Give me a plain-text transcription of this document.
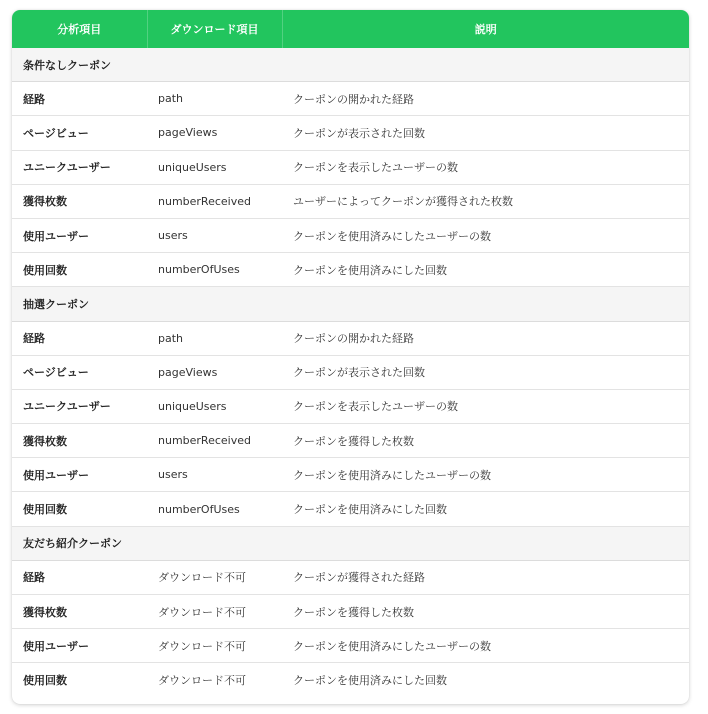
分析項目	ダウンロード項目	説明
条件なしクーポン		
経路	path	クーポンの開かれた経路
ページビュー	pageViews	クーポンが表示された回数
ユニークユーザー	uniqueUsers	クーポンを表示したユーザーの数
獲得枚数	numberReceived	ユーザーによってクーポンが獲得された枚数
使用ユーザー	users	クーポンを使用済みにしたユーザーの数
使用回数	numberOfUses	クーポンを使用済みにした回数
抽選クーポン		
経路	path	クーポンの開かれた経路
ページビュー	pageViews	クーポンが表示された回数
ユニークユーザー	uniqueUsers	クーポンを表示したユーザーの数
獲得枚数	numberReceived	クーポンを獲得した枚数
使用ユーザー	users	クーポンを使用済みにしたユーザーの数
使用回数	numberOfUses	クーポンを使用済みにした回数
友だち紹介クーポン		
経路	ダウンロード不可	クーポンが獲得された経路
獲得枚数	ダウンロード不可	クーポンを獲得した枚数
使用ユーザー	ダウンロード不可	クーポンを使用済みにしたユーザーの数
使用回数	ダウンロード不可	クーポンを使用済みにした回数
